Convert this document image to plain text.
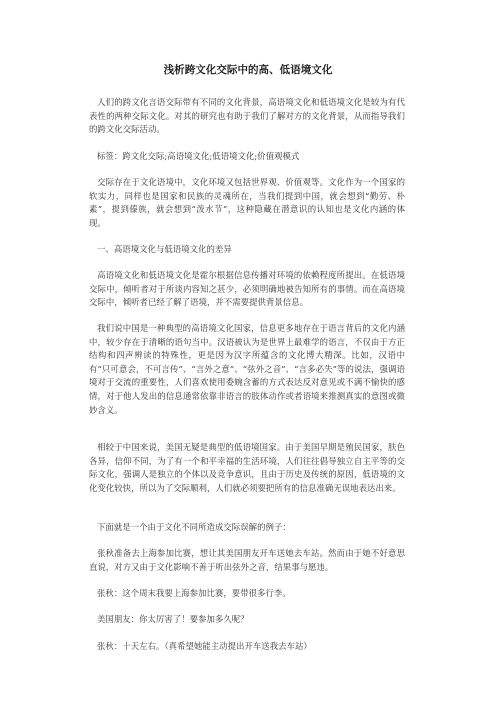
浅析跨文化交际中的高、低语境文化

人们的跨文化言语交际带有不同的文化背景，高语境文化和低语境文化是较为有代表性的两种交际文化。对其的研究也有助于我们了解对方的文化背景，从而指导我们的跨文化交际活动。

标签：跨文化交际;高语境文化;低语境文化;价值观模式

交际存在于文化语境中，文化环境又包括世界观、价值观等。文化作为一个国家的软实力，同样也是国家和民族的灵魂所在，当我们提到中国，就会想到“勤劳、朴素”，提到傣族，就会想到“泼水节”，这种隐藏在潜意识的认知也是文化内涵的体现。

一、高语境文化与低语境文化的差异

高语境文化和低语境文化是霍尔根据信息传播对环境的依赖程度所提出。在低语境交际中，倾听者对于所谈内容知之甚少，必须明确地被告知所有的事情。而在高语境交际中，倾听者已经了解了语境，并不需要提供背景信息。

我们说中国是一种典型的高语境文化国家，信息更多地存在于语言背后的文化内涵中，较少存在于清晰的语句当中。汉语被认为是世界上最难学的语言，不仅由于方正结构和四声辨读的特殊性，更是因为汉字所蕴含的文化博大精深。比如，汉语中有“只可意会，不可言传”、“言外之意”、“弦外之音”、“言多必失”等的说法，强调语境对于交流的重要性，人们喜欢使用委婉含蓄的方式表达反对意见或不满不愉快的感情，对于他人发出的信息通常依靠非语言的肢体动作或者语境来推测真实的意图或微妙含义。

相较于中国来说，美国无疑是典型的低语境国家。由于美国早期是殖民国家，肤色各异，信仰不同，为了有一个和平幸福的生活环境，人们往往倡导独立自主平等的交际文化，强调人是独立的个体以及竞争意识，且由于历史及传统的原因，低语境的文化变化较快，所以为了交际顺利，人们就必须要把所有的信息准确无误地表达出来。

下面就是一个由于文化不同所造成交际误解的例子：

张秋准备去上海参加比赛，想让其美国朋友开车送她去车站。然而由于她不好意思直说，对方又由于文化影响不善于听出弦外之音，结果事与愿违。

张秋：这个周末我要上海参加比赛，要带很多行李。

美国朋友：你太厉害了！要参加多久呢？

张秋：十天左右。（真希望她能主动提出开车送我去车站）
